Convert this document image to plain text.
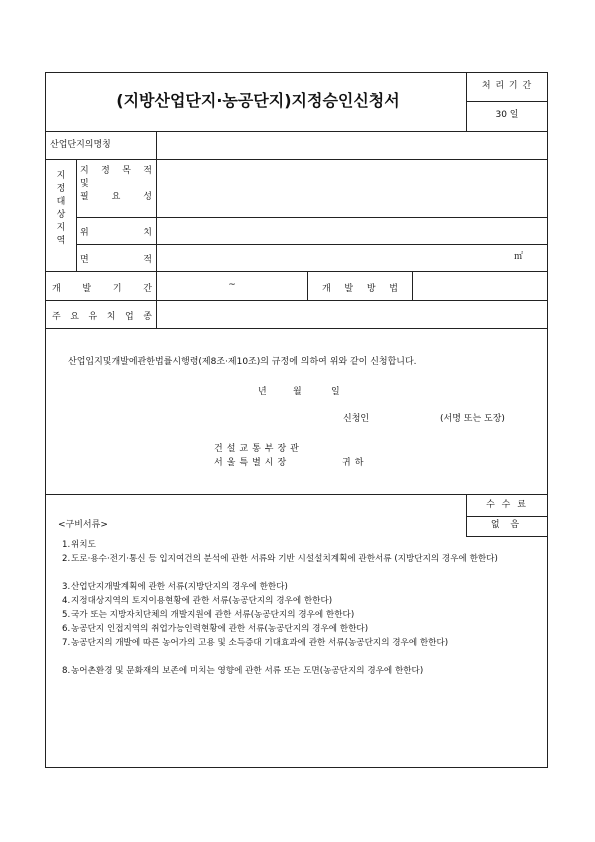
(지방산업단지·농공단지)지정승인신청서
처 리 기 간
30 일
산업단지의명칭
지
정
대
상
지
역
지 정 목 적
및
필	요	성
위	치
면	적	㎡
개 발 기 간	~	개 발 방 법
주 요 유 치 업 종
산업입지및개발에관한법률시행령(제8조·제10조)의 규정에 의하여 위와 같이 신청합니다.
년	월	일
신청인	(서명 또는 도장)
건설교통부장관
서울특별시장	귀하
수 수 료
없 음
<구비서류>
1. 위치도
2. 도로·용수·전기·통신 등 입지여건의 분석에 관한 서류와 기반 시설설치계획에 관한서류 (지방단지의 경우에 한한다)
3. 산업단지개발계획에 관한 서류(지방단지의 경우에 한한다)
4. 지정대상지역의 토지이용현황에 관한 서류(농공단지의 경우에 한한다)
5. 국가 또는 지방자치단체의 개발지원에 관한 서류(농공단지의 경우에 한한다)
6. 농공단지 인접지역의 취업가능인력현황에 관한 서류(농공단지의 경우에 한한다)
7. 농공단지의 개발에 따른 농어가의 고용 및 소득증대 기대효과에 관한 서류(농공단지의 경우에 한한다)
8. 농어촌환경 및 문화재의 보존에 미치는 영향에 관한 서류 또는 도면(농공단지의 경우에 한한다)
